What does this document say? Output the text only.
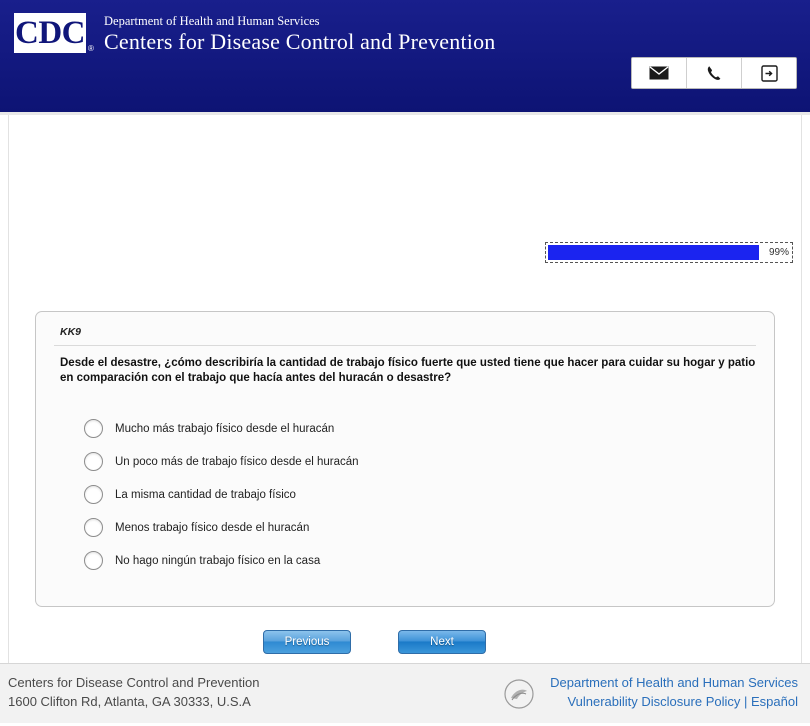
CDC ®
Department of Health and Human Services
Centers for Disease Control and Prevention
99%
KK9
Desde el desastre, ¿cómo describiría la cantidad de trabajo físico fuerte que usted tiene que hacer para cuidar su hogar y patio en comparación con el trabajo que hacía antes del huracán o desastre?
Mucho más trabajo físico desde el huracán
Un poco más de trabajo físico desde el huracán
La misma cantidad de trabajo físico
Menos trabajo físico desde el huracán
No hago ningún trabajo físico en la casa
Previous	Next
Centers for Disease Control and Prevention
1600 Clifton Rd, Atlanta, GA 30333, U.S.A
Department of Health and Human Services
Vulnerability Disclosure Policy | Español
